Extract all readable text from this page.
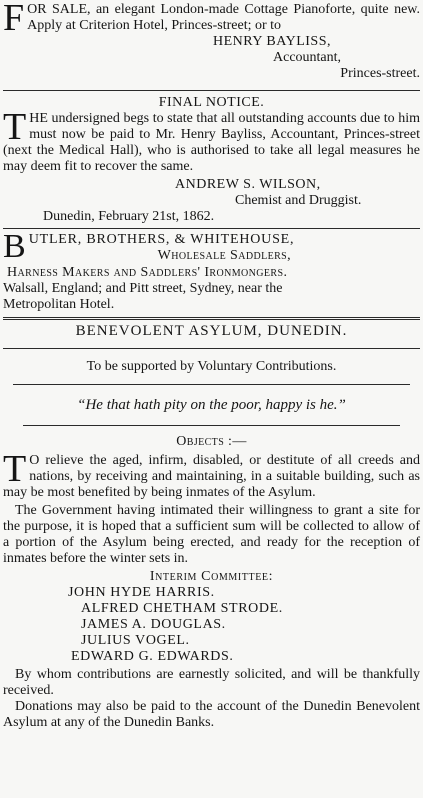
FOR SALE, an elegant London-made Cottage Pianoforte, quite new. Apply at Criterion Hotel, Princes-street; or to

HENRY BAYLISS,
Accountant,
Princes-street.
FINAL NOTICE.

THE undersigned begs to state that all outstanding accounts due to him must now be paid to Mr. Henry Bayliss, Accountant, Princes-street (next the Medical Hall), who is authorised to take all legal measures he may deem fit to recover the same.

ANDREW S. WILSON,
Chemist and Druggist.
Dunedin, February 21st, 1862.
BUTLER, BROTHERS, & WHITEHOUSE,
Wholesale Saddlers,
Harness Makers and Saddlers' Ironmongers.

Walsall, England; and Pitt street, Sydney, near the Metropolitan Hotel.

BENEVOLENT ASYLUM, DUNEDIN.
To be supported by Voluntary Contributions.
“He that hath pity on the poor, happy is he.”
Objects :—

T O relieve the aged, infirm, disabled, or destitute of all creeds and nations, by receiving and maintaining, in a suitable building, such as may be most benefited by being inmates of the Asylum.

The Government having intimated their willingness to grant a site for the purpose, it is hoped that a sufficient sum will be collected to allow of a portion of the Asylum being erected, and ready for the reception of inmates before the winter sets in.

Interim Committee:
JOHN HYDE HARRIS.
ALFRED CHETHAM STRODE.
JAMES A. DOUGLAS.
JULIUS VOGEL.
EDWARD G. EDWARDS.

By whom contributions are earnestly solicited, and will be thankfully received.

Donations may also be paid to the account of the Dunedin Benevolent Asylum at any of the Dunedin Banks.
